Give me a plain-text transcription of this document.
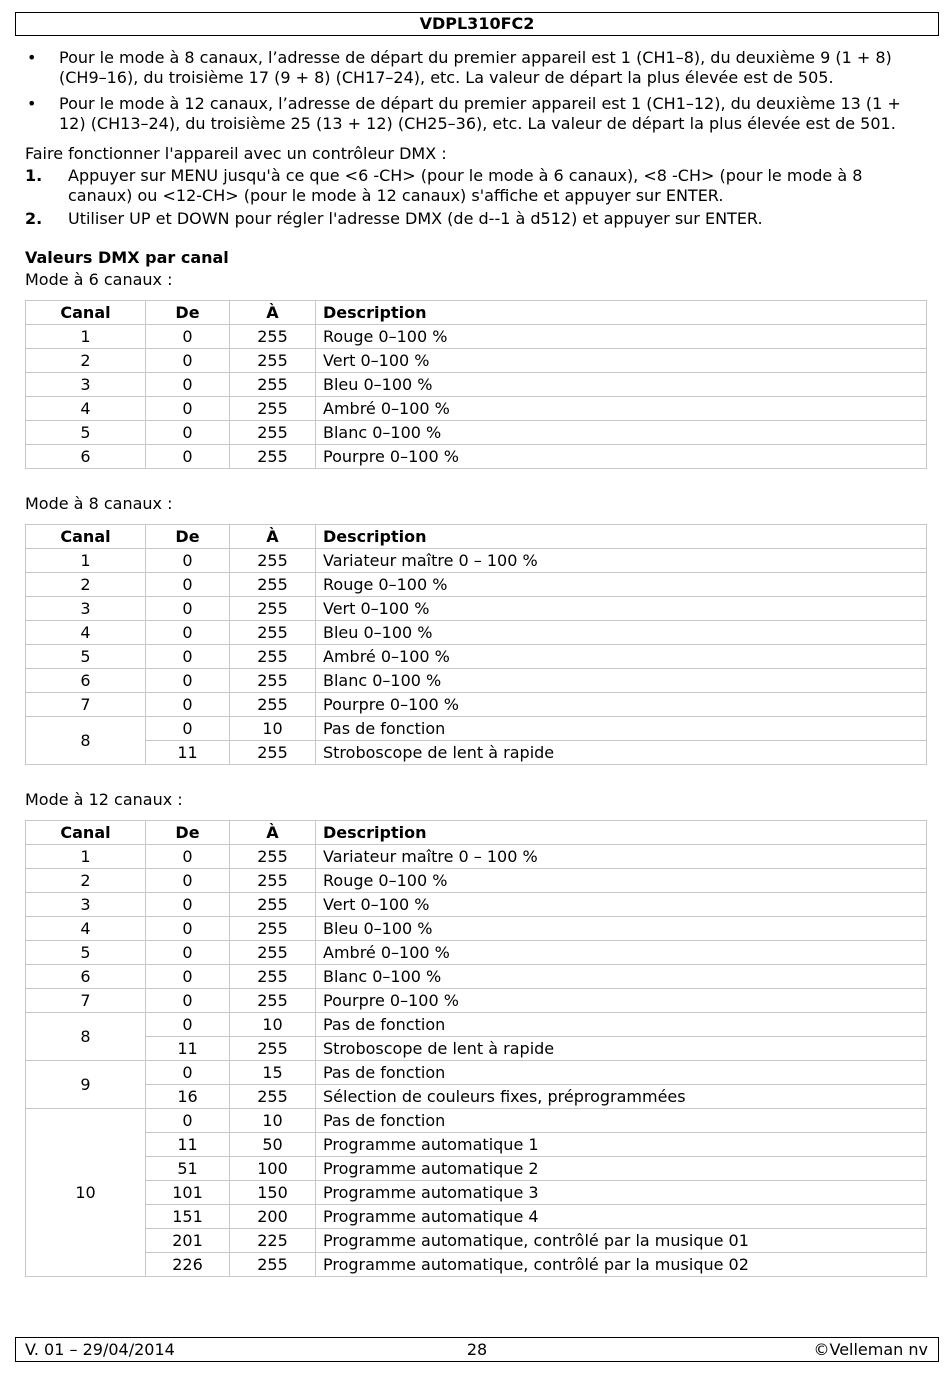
VDPL310FC2
• Pour le mode à 8 canaux, l’adresse de départ du premier appareil est 1 (CH1–8), du deuxième 9 (1 + 8) (CH9–16), du troisième 17 (9 + 8) (CH17–24), etc. La valeur de départ la plus élevée est de 505.
• Pour le mode à 12 canaux, l’adresse de départ du premier appareil est 1 (CH1–12), du deuxième 13 (1 + 12) (CH13–24), du troisième 25 (13 + 12) (CH25–36), etc. La valeur de départ la plus élevée est de 501.

Faire fonctionner l'appareil avec un contrôleur DMX :

1. Appuyer sur MENU jusqu'à ce que <6 -CH> (pour le mode à 6 canaux), <8 -CH> (pour le mode à 8 canaux) ou <12-CH> (pour le mode à 12 canaux) s'affiche et appuyer sur ENTER.
2. Utiliser UP et DOWN pour régler l'adresse DMX (de d--1 à d512) et appuyer sur ENTER.
Valeurs DMX par canal

Mode à 6 canaux :

Canal	De	À	Description
1	0	255	Rouge 0–100 %
2	0	255	Vert 0–100 %
3	0	255	Bleu 0–100 %
4	0	255	Ambré 0–100 %
5	0	255	Blanc 0–100 %
6	0	255	Pourpre 0–100 %

Mode à 8 canaux :

Canal	De	À	Description
1	0	255	Variateur maître 0 – 100 %
2	0	255	Rouge 0–100 %
3	0	255	Vert 0–100 %
4	0	255	Bleu 0–100 %
5	0	255	Ambré 0–100 %
6	0	255	Blanc 0–100 %
7	0	255	Pourpre 0–100 %
8	0	10	Pas de fonction
	11	255	Stroboscope de lent à rapide

Mode à 12 canaux :

Canal	De	À	Description
1	0	255	Variateur maître 0 – 100 %
2	0	255	Rouge 0–100 %
3	0	255	Vert 0–100 %
4	0	255	Bleu 0–100 %
5	0	255	Ambré 0–100 %
6	0	255	Blanc 0–100 %
7	0	255	Pourpre 0–100 %
8	0	10	Pas de fonction
	11	255	Stroboscope de lent à rapide
9	0	15	Pas de fonction
	16	255	Sélection de couleurs fixes, préprogrammées
10	0	10	Pas de fonction
	11	50	Programme automatique 1
	51	100	Programme automatique 2
	101	150	Programme automatique 3
	151	200	Programme automatique 4
	201	225	Programme automatique, contrôlé par la musique 01
	226	255	Programme automatique, contrôlé par la musique 02
V. 01 – 29/04/2014	28	©Velleman nv
